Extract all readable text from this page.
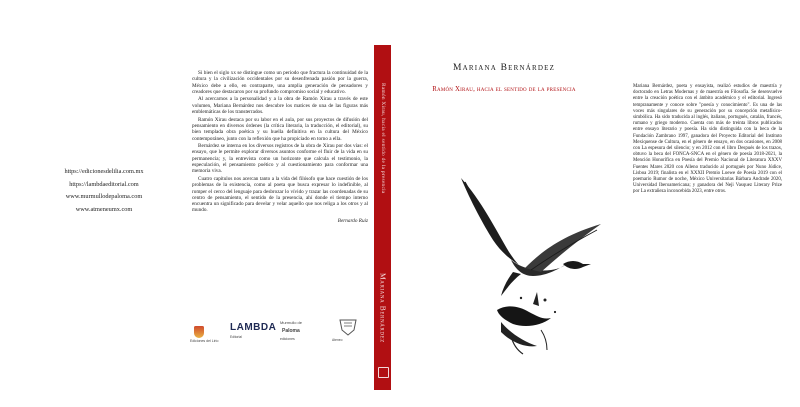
https://edicionesdelilia.com.mx
https://lambdaeditorial.com
www.murmullodepaloma.com
www.atmeneumx.com

Si bien el siglo xx se distingue como un periodo que fractura la continuidad de la cultura y la civilización occidentales por su desenfrenada pasión por la guerra, México debe a ello, en contraparte, una amplia generación de pensadores y creadores que destacaron por su profundo compromiso social y educativo.

Al acercarnos a la personalidad y a la obra de Ramón Xirau a través de este volumen, Mariana Bernárdez nos descubre los matices de una de las figuras más emblemáticas de los transterrados.

Ramón Xirau destaca por su labor en el aula, por sus proyectos de difusión del pensamiento en diversos órdenes (la crítica literaria, la traducción, el editorial), su bien templada obra poética y su huella definitiva en la cultura del México contemporáneo, junto con la reflexión que ha propiciado en torno a ella.

Bernárdez se interna en los diversos registros de la obra de Xirau por dos vías: el ensayo, que le permite explorar diversos asuntos conforme el fluir de la vida en su permanencia; y, la entrevista como un horizonte que calcula el testimonio, la especulación, el pensamiento poético y al cuestionamiento para conformar una memoria viva.

Cuatro capítulos nos acercan tanto a la vida del filósofo que hace cuestión de los problemas de la existencia, como al poeta que busca expresar lo indefinible, al romper el cerco del lenguaje para desbrozar lo vívido y trazar las coordenadas de su centro de pensamiento, el sentido de la presencia, ahí donde el tiempo interno encuentra un significado para develar y velar aquello que nos religa a los otros y al mundo.

Bernardo Ruiz

Ediciones del Lirio
LAMBDA
Editorial
Murmullo de
Paloma
ediciones	Ateneo
Ramón Xirau, hacia el sentido de la presencia
Mariana Bernárdez
Mariana Bernárdez
Ramón Xirau, hacia el sentido de la presencia	Mariana Bernárdez, poeta y ensayista, realizó estudios de maestría y doctorado en Letras Modernas y de maestría en Filosofía. Se desenvuelve entre la creación poética con el ámbito académico y el editorial. Ingresó tempranamente y conoce sobre "poesía y conocimiento". Es una de las voces más singulares de su generación por su concepción metafísico-simbólica. Ha sido traducida al inglés, italiano, portugués, catalán, francés, rumano y griego moderno. Cuenta con más de treinta libros publicados entre ensayo literario y poesía. Ha sido distinguida con la beca de la Fundación Zambrano 1997, ganadora del Proyecto Editorial del Instituto Mexiquense de Cultura, en el género de ensayo, en dos ocasiones, en 2008 con La espesura del silencio; y en 2012 con el libro Después de los trazos, obtuvo la beca del FONCA-SNCA en el género de poesía 2018-2021, la Mención Honorífica en Poesía del Premio Nacional de Literatura XXXV Fuentes Mares 2020 con Alleno traducido al portugués por Nuno Júdice, Lisboa 2019; finalista en el XXXII Premio Loewe de Poesía 2019 con el poemario Rumor de noche, México Universitarias Bárbara Andrade 2020, Universidad Iberoamericana; y ganadora del Neji Vasquez Literary Prize por La extrañeza inconcebida 2023, entre otros.
